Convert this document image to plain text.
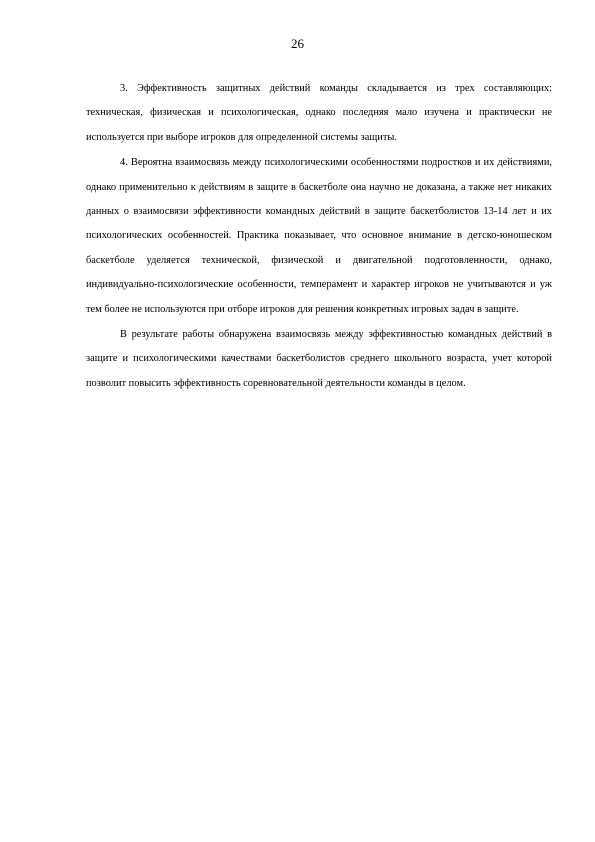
26

3. Эффективность защитных действий команды складывается из трех составляющих: техническая, физическая и психологическая, однако последняя мало изучена и практически не используется при выборе игроков для определенной системы защиты.

4. Вероятна взаимосвязь между психологическими особенностями подростков и их действиями, однако применительно к действиям в защите в баскетболе она научно не доказана, а также нет никаких данных о взаимосвязи эффективности командных действий в защите баскетболистов 13-14 лет и их психологических особенностей. Практика показывает, что основное внимание в детско-юношеском баскетболе уделяется технической, физической и двигательной подготовленности, однако, индивидуально-психологические особенности, темперамент и характер игроков не учитываются и уж тем более не используются при отборе игроков для решения конкретных игровых задач в защите.

В результате работы обнаружена взаимосвязь между эффективностью командных действий в защите и психологическими качествами баскетболистов среднего школьного возраста, учет которой позволит повысить эффективность соревновательной деятельности команды в целом.
